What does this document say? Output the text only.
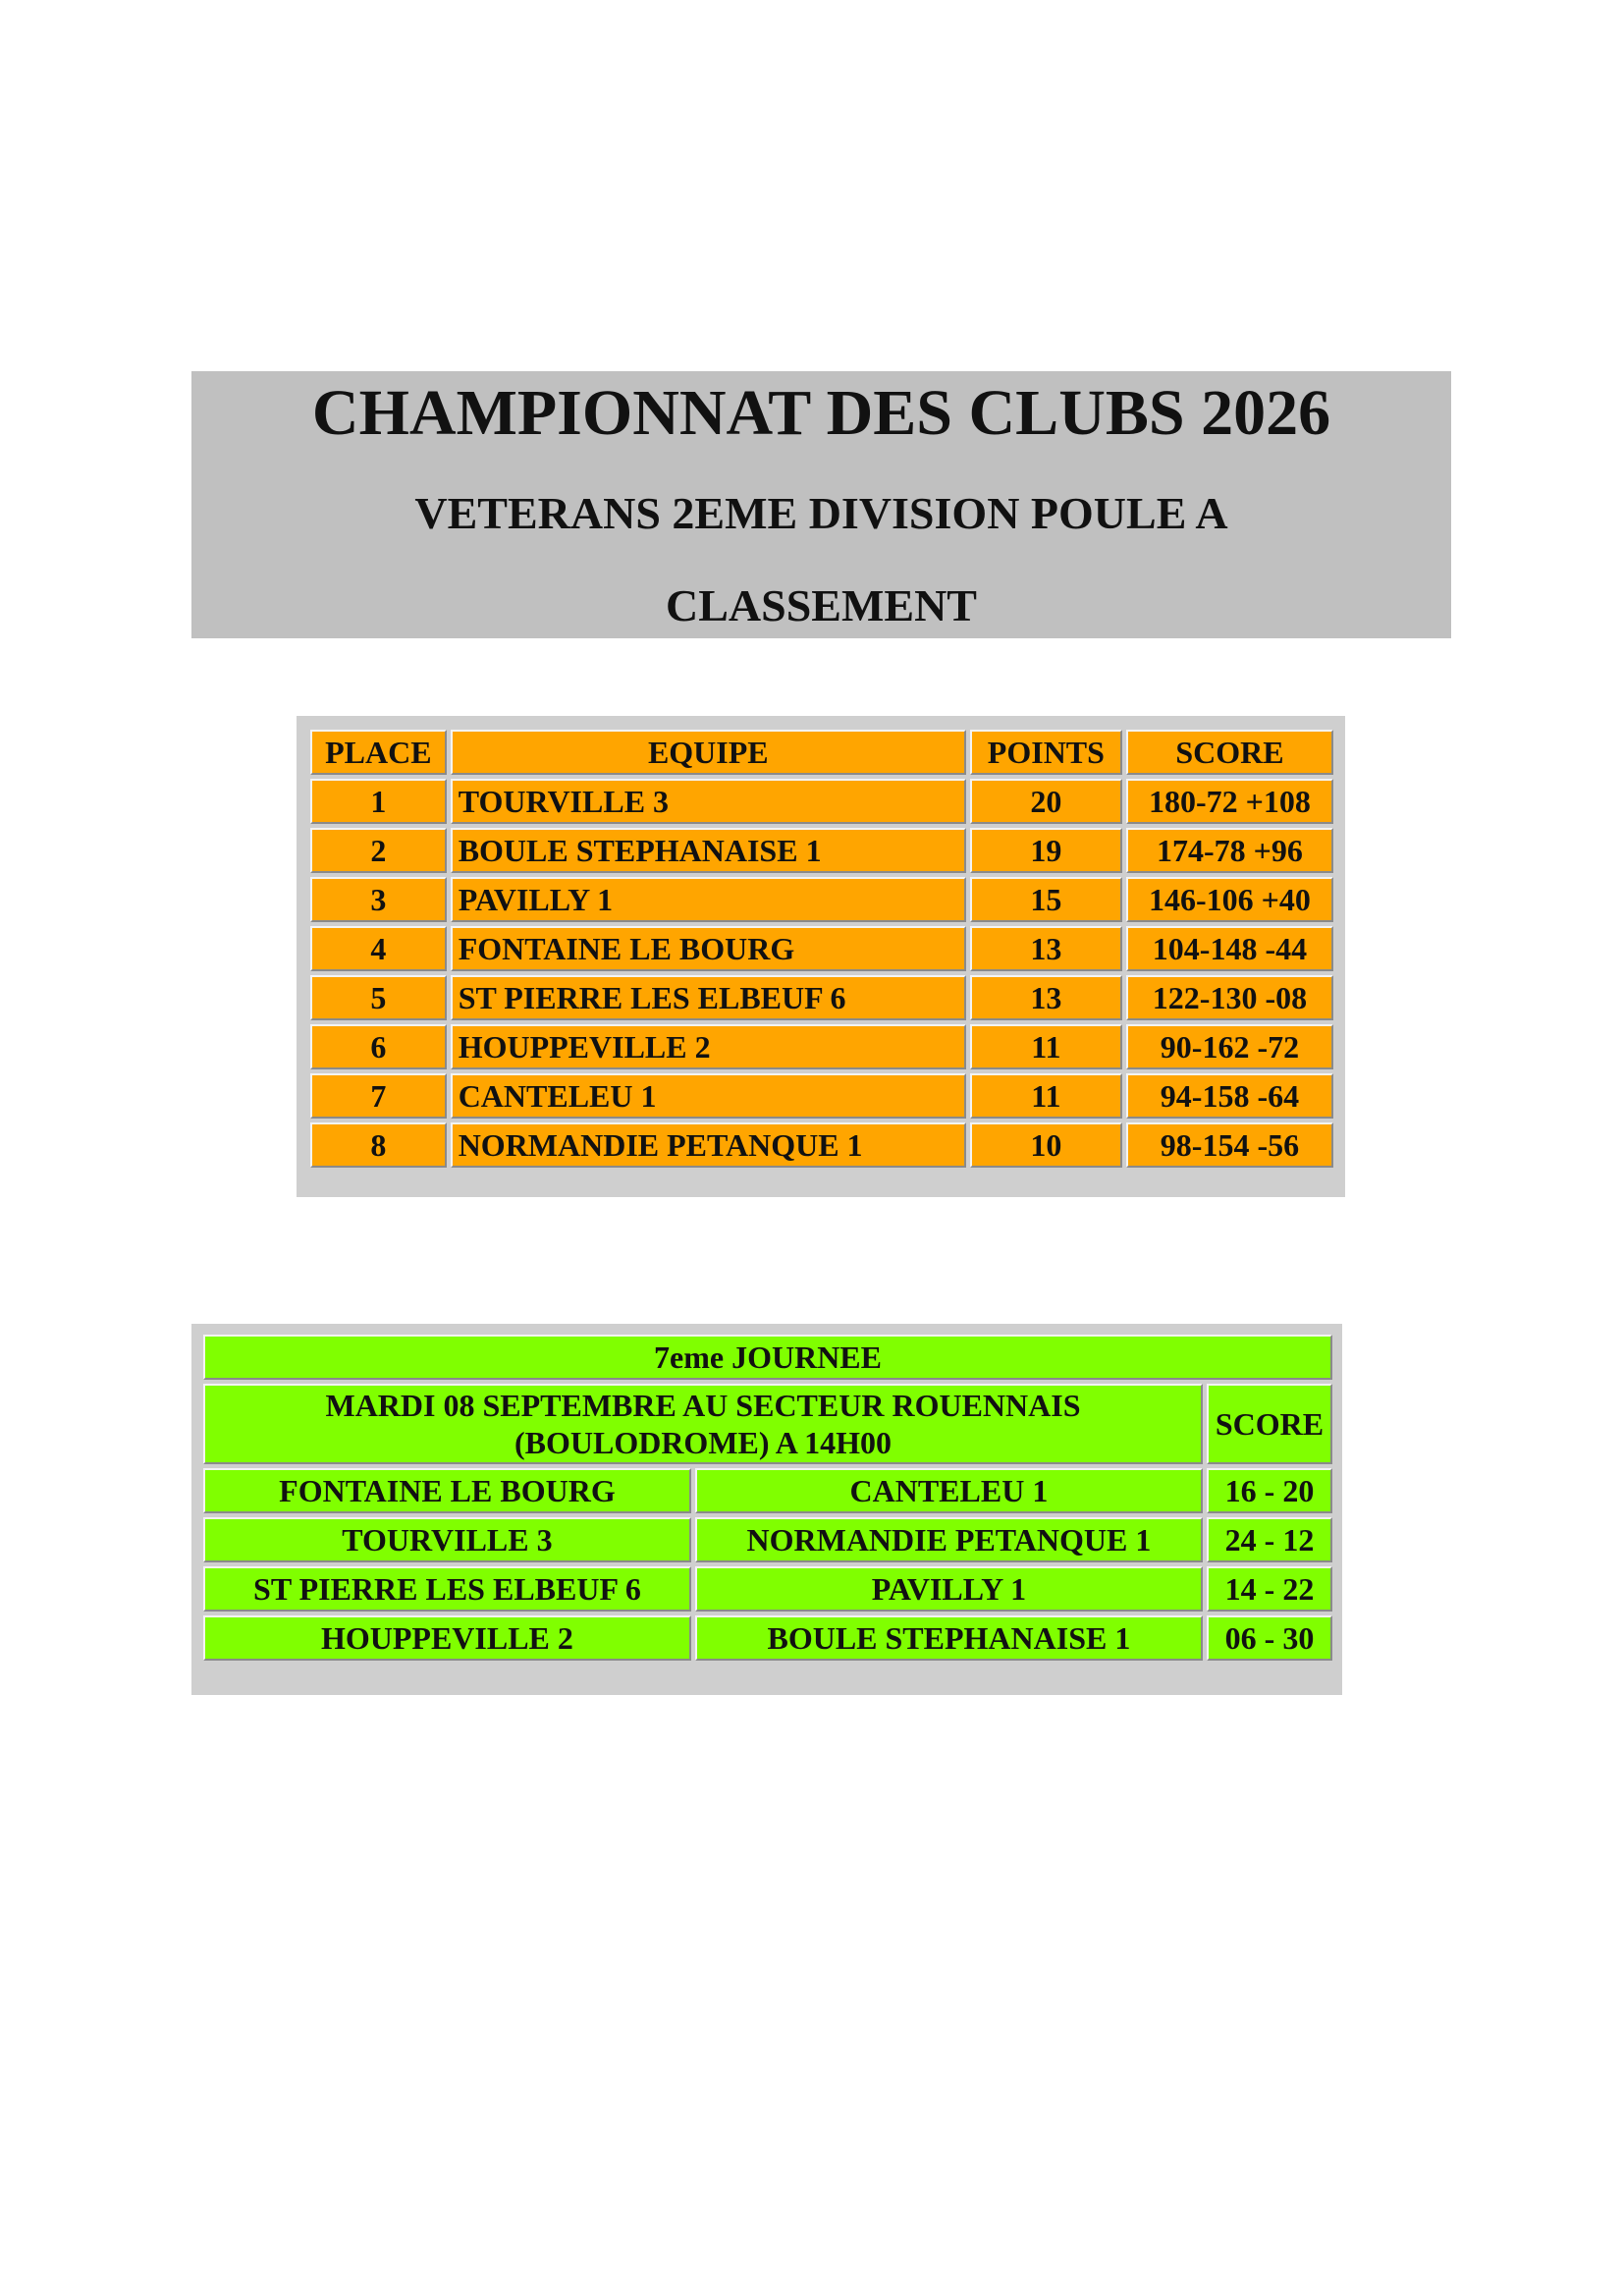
CHAMPIONNAT DES CLUBS 2026
VETERANS 2EME DIVISION POULE A
CLASSEMENT
PLACE	EQUIPE	POINTS	SCORE
1	TOURVILLE 3	20	180-72 +108
2	BOULE STEPHANAISE 1	19	174-78 +96
3	PAVILLY 1	15	146-106 +40
4	FONTAINE LE BOURG	13	104-148 -44
5	ST PIERRE LES ELBEUF 6	13	122-130 -08
6	HOUPPEVILLE 2	11	90-162 -72
7	CANTELEU 1	11	94-158 -64
8	NORMANDIE PETANQUE 1	10	98-154 -56
7eme JOURNEE		
MARDI 08 SEPTEMBRE AU SECTEUR ROUENNAIS
(BOULODROME) A 14H00		SCORE
FONTAINE LE BOURG	CANTELEU 1	16 - 20
TOURVILLE 3	NORMANDIE PETANQUE 1	24 - 12
ST PIERRE LES ELBEUF 6	PAVILLY 1	14 - 22
HOUPPEVILLE 2	BOULE STEPHANAISE 1	06 - 30
